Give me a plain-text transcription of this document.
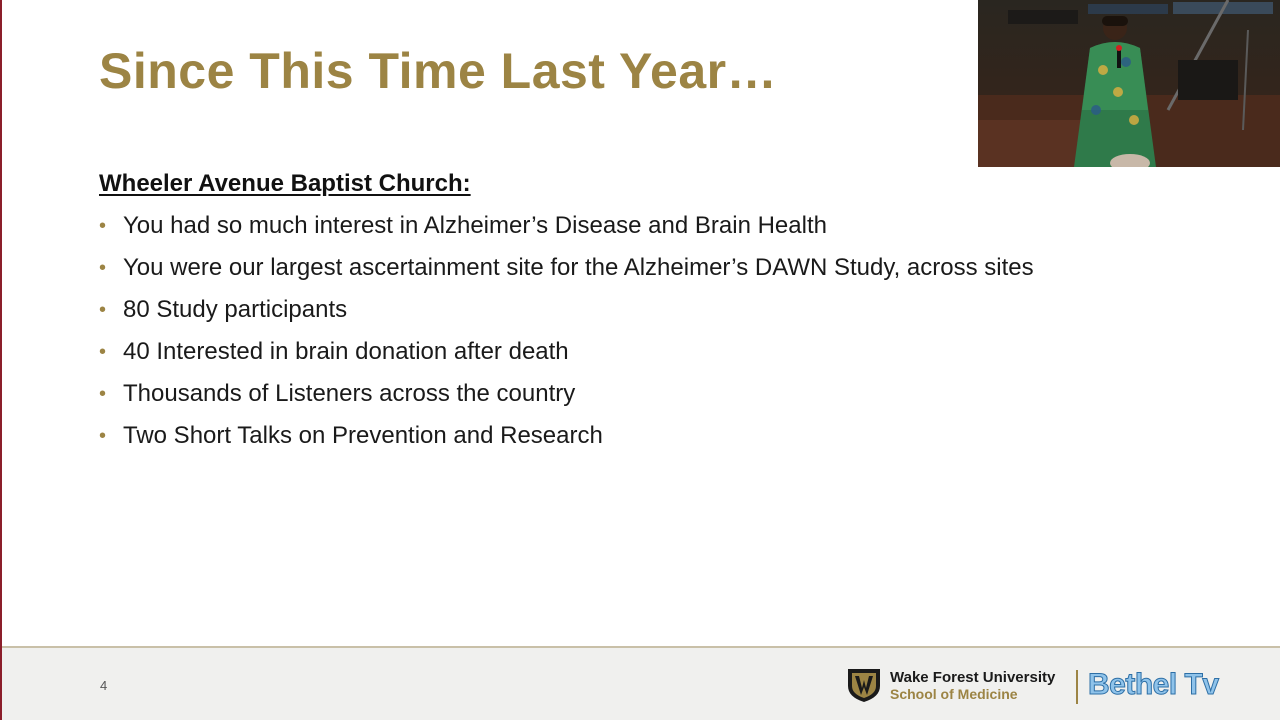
Since This Time Last Year…
Wheeler Avenue Baptist Church:
• You had so much interest in Alzheimer’s Disease and Brain Health
• You were our largest ascertainment site for the Alzheimer’s DAWN Study, across sites
• 80 Study participants
• 40 Interested in brain donation after death
• Thousands of Listeners across the country
• Two Short Talks on Prevention and Research
4	Wake Forest University
School of Medicine Bethel Tv
